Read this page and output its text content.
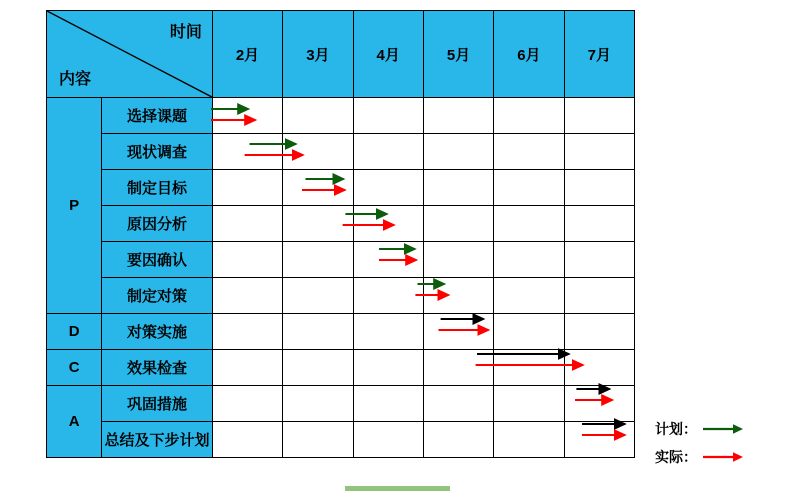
时间
内容		2月	3月	4月	5月	6月	7月
P	选择课题						
	现状调查						
	制定目标						
	原因分析						
	要因确认						
	制定对策						
D	对策实施						
C	效果检查						
A	巩固措施						
	总结及下步计划						
计划：
实际：
